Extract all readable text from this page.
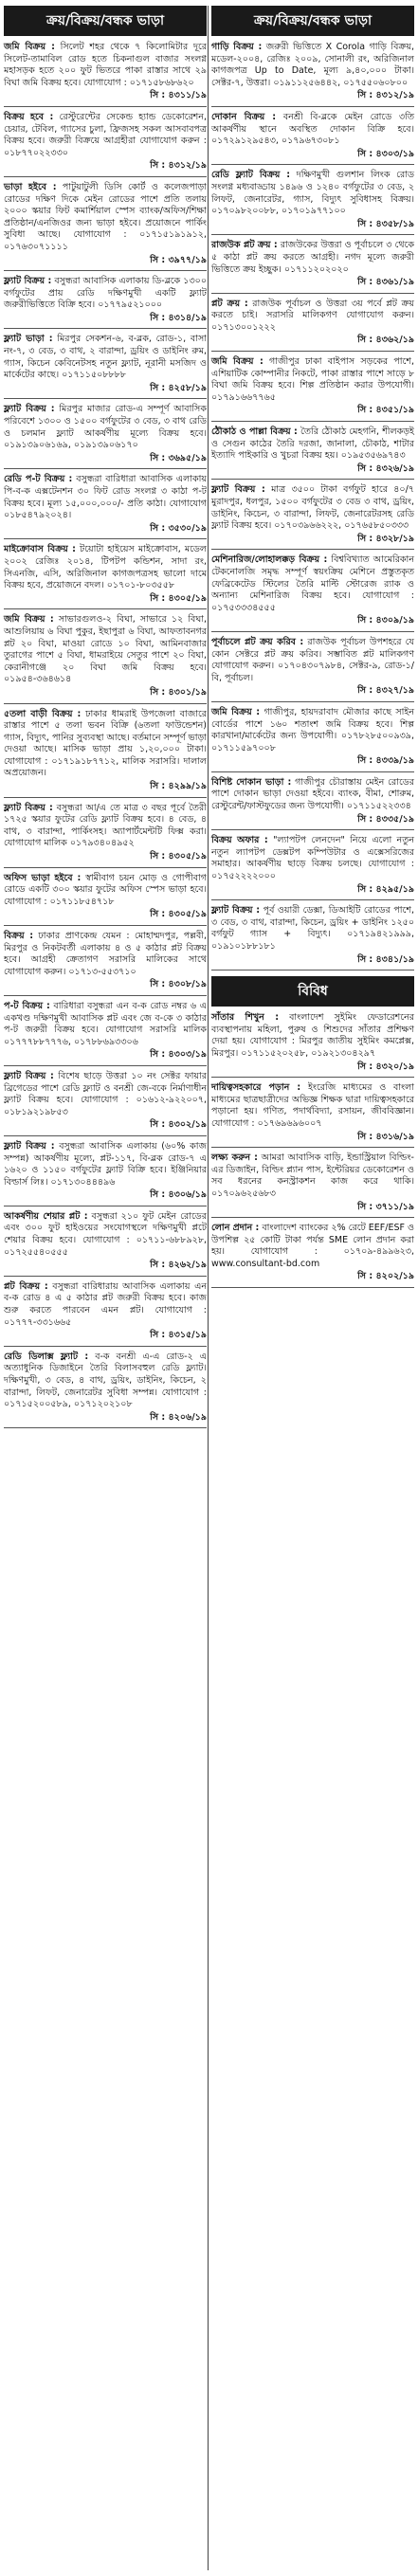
ক্রয়/বিক্রয়/বন্ধক ভাড়া
জমি বিক্রয় : সিলেট শহর থেকে ৭ কিলোমিটার দূরে সিলেট-তামাবিল রোড হতে চিকনাগুল বাজার সংলগ্ন মহাসড়ক হতে ২০০ ফুট ভিতরে পাকা রাস্তার সাথে ২৯ বিঘা জমি বিক্রয় হবে। যোগাযোগ : ০১৭১৫৮৬৮৬২০
সি : ৪৩১১/১৯
বিক্রয় হবে : রেস্টুরেন্টের সেকেন্ড হ্যান্ড ডেকোরেশন, চেয়ার, টেবিল, গ্যাসের চুলা, ফ্রিজসহ সকল আসবাবপত্র বিক্রয় হবে। জরুরী বিক্রয়ে আগ্রহীরা যোগাযোগ করুন : ০১৮৭৭০২২৩৩০
সি : ৪৩১২/১৯
ভাড়া হইবে : পাটুয়াটুলী ডিসি কোর্ট ও কলেজপাড়া রোডের দক্ষিণ দিকে মেইন রোডের পাশে প্রতি তলায় ২০০০ স্কয়ার ফিট কমার্শিয়াল স্পেস ব্যাংক/অফিস/শিক্ষা প্রতিষ্ঠান/এনজিওর জন্য ভাড়া হইবে। প্রয়োজনে পার্কিং সুবিধা আছে। যোগাযোগ : ০১৭১৫১৯১৯১২, ০১৭৬৩০৭১১১১
সি : ৩৯৭৭/১৯
ফ্ল্যাট বিক্রয় : বসুন্ধরা আবাসিক এলাকায় ডি-ব্লকে ১৩০০ বর্গফুটের প্রায় রেডি দক্ষিণমুখী একটি ফ্ল্যাট জরুরীভিত্তিতে বিক্রি হবে। ০১৭৭৯৫২১০০০
সি : ৪৩১৪/১৯
ফ্ল্যাট ভাড়া : মিরপুর সেকশন-৬, ব-ব্লক, রোড-১, বাসা নং-৭, ৩ বেড, ৩ বাথ, ২ বারান্দা, ড্রয়িং ও ডাইনিং রুম, গ্যাস, কিচেন কেবিনেটসহ নতুন ফ্ল্যাট, নূরানী মসজিদ ও মার্কেটের কাছে। ০১৭১১৫০৮৮৮৮
সি : ৪২৫৮/১৯
ফ্ল্যাট বিক্রয় : মিরপুর মাজার রোড-এ সম্পূর্ণ আবাসিক পরিবেশে ১৩০০ ও ১৫০০ বর্গফুটের ৩ বেড, ৩ বাথ রেডি ও চলমান ফ্ল্যাট আকর্ষণীয় মূল্যে বিক্রয় হবে। ০১৯১৩৯০৬১৬৯, ০১৯১৩৯০৬১৭০
সি : ৩৬৯৫/১৯
রেডি প-ট বিক্রয় : বসুন্ধরা বারিধারা আবাসিক এলাকায় পি-ব-ক এক্সটেনশন ৩০ ফিট রোড সংলগ্ন ৩ কাঠা প-ট বিক্রয় হবে। মূল্য ১৫,০০০,০০০/- প্রতি কাঠা। যোগাযোগ ০১৮৫৪৭৯২০২৪।
সি : ৩৫৩০/১৯
মাইক্রোবাস বিক্রয় : টয়োটা হাইয়েস মাইক্রোবাস, মডেল ২০০২ রেজিঃ ২০১৪, টিপটপ কন্ডিশন, সাদা রং, সিএনজি, এসি, অরিজিনাল কাগজপত্রসহ ভালো দামে বিক্রয় হবে, প্রয়োজনে বদল। ০১৭০১-৮০৩৫৫৮
সি : ৪৩০৫/১৯
জমি বিক্রয় : সাভারগুলও-২ বিঘা, সাভারে ১২ বিঘা, আশুলিয়ায় ৬ বিঘা পুকুর, ইছাপুরা ৬ বিঘা, আফতাবনগর প্লট ২০ বিঘা, মাওয়া রোডে ১০ বিঘা, আমিনবাজার তুরাগের পাশে ৫ বিঘা, ধামরাইয়ে সেতুর পাশে ২০ বিঘা, কেরানীগঞ্জে ২০ বিঘা জমি বিক্রয় হবে। ০১৯৫৪-৩৬৪৬১৪
সি : ৪৩০১/১৯
৫তলা বাড়ী বিক্রয় : ঢাকার ধামরাই উপজেলা বাজারে রাস্তার পাশে ৫ তলা ভবন বিক্রি (৬তলা ফাউন্ডেশন) গ্যাস, বিদ্যুৎ, পানির সুব্যবস্থা আছে। বর্তমানে সম্পূর্ণ ভাড়া দেওয়া আছে। মাসিক ভাড়া প্রায় ১,২০,০০০ টাকা। যোগাযোগ : ০১৭১৯১৮৭৭১২, মালিক সরাসরি। দালাল অপ্রয়োজন।
সি : ৪২৯৯/১৯
ফ্ল্যাট বিক্রয় : বসুন্ধরা আ/এ তে মাত্র ৩ বছর পূর্বে তৈরী ১৭২৫ স্কয়ার ফুটের রেডি ফ্ল্যাট বিক্রয় হবে। ৪ বেড, ৪ বাথ, ৩ বারান্দা, পার্কিংসহ। অ্যাপার্টমেন্টটি ফিক্স করা। যোগাযোগ মালিক ০১৭৯৩৪০৪৯৫২
সি : ৪৩০৫/১৯
অফিস ভাড়া হইবে : স্বামীবাগ চয়ন মোড় ও গোপীবাগ রোডে একটি ৩০০ স্কয়ার ফুটের অফিস স্পেস ভাড়া হবে। যোগাযোগ : ০১৭১১৮৫৪৭১৮
সি : ৪৩০৫/১৯
বিক্রয় : ঢাকার প্রাণকেন্দ্র যেমন : মোহাম্মদপুর, পল্লবী, মিরপুর ও নিকটবর্তী এলাকায় ৪ ও ৫ কাঠার প্লট বিক্রয় হবে। আগ্রহী ক্রেতাগণ সরাসরি মালিকের সাথে যোগাযোগ করুন। ০১৭১৩-৫৫৩৭১০
সি : ৪৩০৮/১৯
প-ট বিক্রয় : বারিধারা বসুন্ধরা এন ব-ক রোড নম্বর ৬ এ একখণ্ড দক্ষিণমুখী আবাসিক প্লট এবং জে ব-কে ৩ কাঠার প-ট জরুরী বিক্রয় হবে। যোগাযোগ সরাসরি মালিক ০১৭৭৭৮৮৭৭৭৬, ০১৭৮৮৬৯৩৩০৬
সি : ৪৩০৩/১৯
ফ্ল্যাট বিক্রয় : বিশেষ ছাড়ে উত্তরা ১০ নং সেক্টর ফায়ার ব্রিগেডের পাশে রেডি ফ্ল্যাট ও বনশ্রী জে-বকে নির্মাণাধীন ফ্ল্যাট বিক্রয় হবে। যোগাযোগ : ০১৬১২-৯২২০০৭, ০১৮১৯২১৯৮৫৩
সি : ৪৩০২/১৯
ফ্ল্যাট বিক্রয় : বসুন্ধরা আবাসিক এলাকায় (৬০% কাজ সম্পন্ন) আকর্ষণীয় মূল্যে, প্লট-১১৭, বি-ব্লক রোড-৭ এ ১৬২০ ও ১১৫০ বর্গফুটের ফ্ল্যাট বিক্রি হবে। ইঞ্জিনিয়ার বিল্ডার্স লিঃ। ০১৭১৩০৪৪৪৯৬
সি : ৪৩০৬/১৯
আকর্ষণীয় শেয়ার প্লট : বসুন্ধরা ২১০ ফুট মেইন রোডের এবং ৩০০ ফুট হাইওয়ের সংযোগস্থলে দক্ষিণমুখী প্লটে শেয়ার বিক্রয় হবে। যোগাযোগ : ০১৭১১-৬৮৮৯২৮, ০১৭২৫৫৪০৫৫৫
সি : ৪২৬২/১৯
প্লট বিক্রয় : বসুন্ধরা বারিধারায় আবাসিক এলাকায় এন ব-ক রোড ৪ এ ৫ কাঠার প্লট জরুরী বিক্রয় হবে। কাজ শুরু করতে পারবেন এমন প্লট। যোগাযোগ : ০১৭৭৭-৩৩১৬৬৫
সি : ৪৩১৫/১৯
রেডি ডিলাক্স ফ্ল্যাট : ব-ক বনশ্রী এ-এ রোড-২ এ অত্যাধুনিক ডিজাইনে তৈরি বিলাসবহুল রেডি ফ্ল্যাট। দক্ষিণমুখী, ৩ বেড, ৪ বাথ, ড্রয়িং, ডাইনিং, কিচেন, ২ বারান্দা, লিফট, জেনারেটর সুবিধা সম্পন্ন। যোগাযোগ : ০১৭১৫২০০৫৮৯, ০১৭১২০২১০৮
সি : ৪২০৬/১৯
ক্রয়/বিক্রয়/বন্ধক ভাড়া
গাড়ি বিক্রয় : জরুরী ভিত্তিতে X Corola গাড়ি বিক্রয়, মডেল-২০০৪, রেজিঃ ২০০৯, সোনালী রং, অরিজিনাল কাগজপত্র Up to Date, মূল্য ৯,৪০,০০০ টাকা। সেক্টর-৭, উত্তরা। ০১৯১১২৫৬৪৪২, ০১৭৫৫০৬০৮০০
সি : ৪৩১২/১৯
দোকান বিক্রয় : বনশ্রী বি-ব্লকে মেইন রোডে ৩তি আকর্ষণীয় স্থানে অবস্থিত দোকান বিক্রি হবে। ০১৭২৯১২৯৫৪৩, ০১৭৯৬৭৩০৮১
সি : ৪৩০৩/১৯
রেডি ফ্ল্যাট বিক্রয় : দক্ষিণমুখী গুলশান লিংক রোড সংলগ্ন মধ্যবাড্ডায় ১৪৯৬ ও ১২৪০ বর্গফুটের ৩ বেড, ২ লিফট, জেনারেটর, গ্যাস, বিদ্যুৎ সুবিধাসহ বিক্রয়। ০১৭০৯৮২০০৮৮, ০১৭০১৯৭৭১০০
সি : ৪৩৫৮/১৯
রাজউক প্লট ক্রয় : রাজউকের উত্তরা ও পূর্বাচলে ৩ থেকে ৫ কাঠা প্লট ক্রয় করতে আগ্রহী। নগদ মূল্যে জরুরী ভিত্তিতে ক্রয় ইচ্ছুক। ০১৭১১২০২০২০
সি : ৪৩৬১/১৯
প্লট ক্রয় : রাজউক পূর্বাচল ও উত্তরা ৩য় পর্বে প্লট ক্রয় করতে চাই। সরাসরি মালিকগণ যোগাযোগ করুন। ০১৭১৩০০১২২২
সি : ৪৩৬২/১৯
জমি বিক্রয় : গাজীপুর ঢাকা বাইপাস সড়কের পাশে, এশিয়াটিক কোম্পানীর নিকটে, পাকা রাস্তার পাশে সাড়ে ৮ বিঘা জমি বিক্রয় হবে। শিল্প প্রতিষ্ঠান করার উপযোগী। ০১৭৯১৬৬৭৭৬৫
সি : ৪৩৫১/১৯
ঠৌকাঠ ও পাল্লা বিক্রয় : তৈরি ঠৌকাঠ মেহগনি, শীলকড়ই ও সেগুন কাঠের তৈরি দরজা, জানালা, চৌকাঠ, শাটার ইত্যাদি পাইকারি ও খুচরা বিক্রয় হয়। ০১৯৫৩৫৬৯৭৪৩
সি : ৪৩২৬/১৯
ফ্ল্যাট বিক্রয় : মাত্র ৩৫০০ টাকা বর্গফুট হারে ৪০/৭ মুরাদপুর, ধলপুর, ১৫০০ বর্গফুটের ৩ বেড ৩ বাথ, ড্রয়িং, ডাইনিং, কিচেন, ৩ বারান্দা, লিফট, জেনারেটরসহ রেডি ফ্ল্যাট বিক্রয় হবে। ০১৭০৩৯৬৬২২২, ০১৭৬৫৮৫০৩৩৩
সি : ৪৩২৮/১৯
মেশিনারিজ/লোহালক্কড় বিক্রয় : বিশ্ববিখ্যাত আমেরিকান টেকনোলজি সমৃদ্ধ সম্পূর্ণ স্বয়ংক্রিয় মেশিনে প্রস্তুতকৃত ফেব্রিকেটেড স্টিলের তৈরি মাল্টি স্টোরেজ র‍্যাক ও অন্যান্য মেশিনারিজ বিক্রয় হবে। যোগাযোগ : ০১৭৫৩৩৩৪৫৫৫
সি : ৪৩০৯/১৯
পূর্বাচলে প্লট ক্রয় করিব : রাজউক পূর্বাচল উপশহরে যে কোন সেক্টরে প্লট ক্রয় করিব। সম্ভাবিত প্লট মালিকগণ যোগাযোগ করুন। ০১৭০৪৩০৭৯৮৪, সেক্টর-৯, রোড-১/বি, পূর্বাচল।
সি : ৪৩২৭/১৯
জমি বিক্রয় : গাজীপুর, হায়দরাবাদ মৌজার কাছে সাইন বোর্ডের পাশে ১৬০ শতাংশ জমি বিক্রয় হবে। শিল্প কারখানা/মার্কেটের জন্য উপযোগী। ০১৭৮২৮৫০০৯৩৯, ০১৭১১৫৯৭০০৮
সি : ৪৩৩৯/১৯
বিশিষ্ট দোকান ভাড়া : গাজীপুর চৌরাস্তায় মেইন রোডের পাশে দোকান ভাড়া দেওয়া হইবে। ব্যাংক, বীমা, শোরুম, রেস্টুরেন্ট/ফাস্টফুডের জন্য উপযোগী। ০১৭১১৫২২৩৩৪
সি : ৪৩৩৫/১৯
বিক্রয় অফার : "ল্যাপটপ লেনদেন" নিয়ে এলো নতুন নতুন ল্যাপটপ ডেক্সটপ কম্পিউটার ও এক্সেসরিজের সমাহার। আকর্ষণীয় ছাড়ে বিক্রয় চলছে। যোগাযোগ : ০১৭৫২২২২০০০
সি : ৪২৯৫/১৯
ফ্ল্যাট বিক্রয় : পূর্ব ওয়ারী ডেক্সা, ডিআইটি রোডের পাশে, ৩ বেড, ৩ বাথ, বারান্দা, কিচেন, ড্রয়িং + ডাইনিং ১২৫০ বর্গফুট গ্যাস + বিদ্যুৎ। ০১৭১৯৪২১৯৯৯, ০১৯১০১৮৮১৮১
সি : ৪৩৪১/১৯
বিবিধ
সাঁতার শিখুন : বাংলাদেশ সুইমিং ফেডারেশনের ব্যবস্থাপনায় মহিলা, পুরুষ ও শিশুদের সাঁতার প্রশিক্ষণ দেয়া হয়। যোগাযোগ : মিরপুর জাতীয় সুইমিং কমপ্লেক্স, মিরপুর। ০১৭১১৫২০২৫৮, ০১৯২১৩০৪২৯৭
সি : ৪৩২০/১৯
দায়িত্বসহকারে পড়ান : ইংরেজি মাধ্যমের ও বাংলা মাধ্যমের ছাত্রছাত্রীদের অভিজ্ঞ শিক্ষক দ্বারা দায়িত্বসহকারে পড়ানো হয়। গণিত, পদার্থবিদ্যা, রসায়ন, জীববিজ্ঞান। যোগাযোগ : ০১৭৬৯৬৯৬০০৭
সি : ৪৩১৬/১৯
লক্ষ্য করুন : আমরা আবাসিক বাড়ি, ইন্ডাস্ট্রিয়াল বিল্ডিং-এর ডিজাইন, বিল্ডিং প্ল্যান পাস, ইন্টেরিয়র ডেকোরেশন ও সব ধরনের কনস্ট্রাকশন কাজ করে থাকি। ০১৭০৯৬২৫৬৮৩
সি : ৩৭১১/১৯
লোন প্রদান : বাংলাদেশ ব্যাংকের ২% রেটে EEF/ESF ও উপশিল্প ২৫ কোটি টাকা পর্যন্ত SME লোন প্রদান করা হয়। যোগাযোগ : ০১৭০৯-৪৯৯৬২৩, www.consultant-bd.com
সি : ৪২০২/১৯
